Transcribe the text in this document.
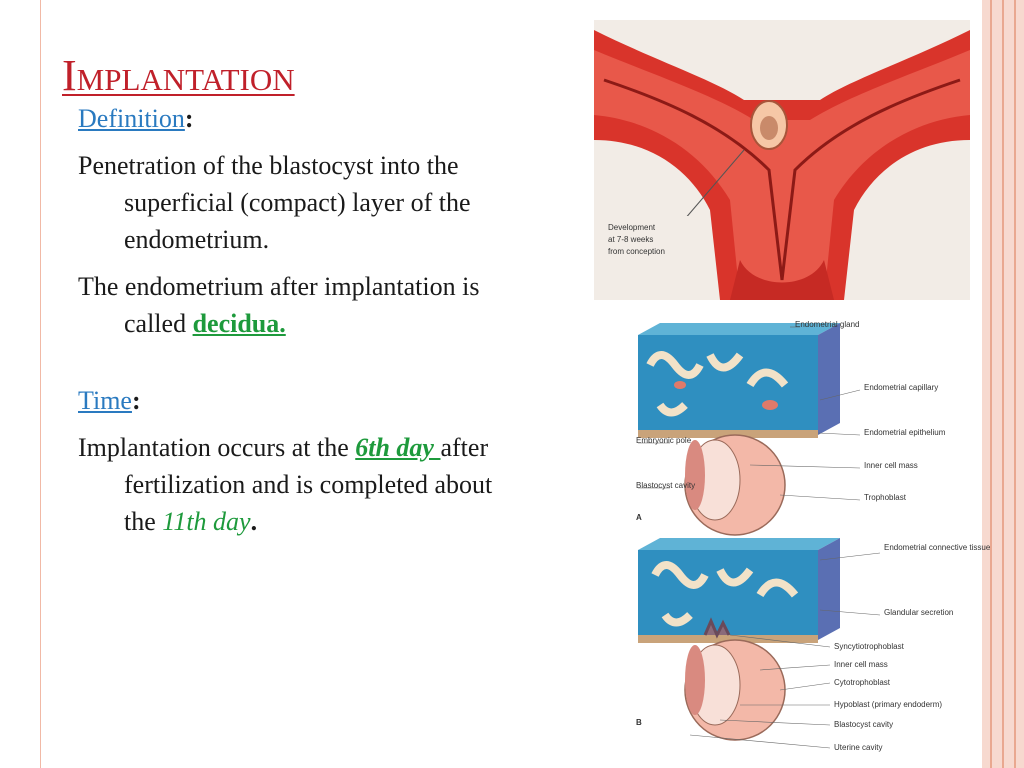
Implantation

Definition:

Penetration of the blastocyst into the superficial (compact) layer of the endometrium.

The endometrium after implantation is called decidua.

Time:

Implantation occurs at the 6th day after fertilization and is completed about the 11th day.

Development
at 7-8 weeks
from conception
Endometrial gland
Endometrial capillary
Endometrial epithelium
Embryonic pole
Inner cell mass
Blastocyst cavity
Trophoblast
A
Endometrial connective tissue
Glandular secretion
Syncytiotrophoblast
Inner cell mass
Cytotrophoblast
Hypoblast (primary endoderm)
Blastocyst cavity
Uterine cavity
B
